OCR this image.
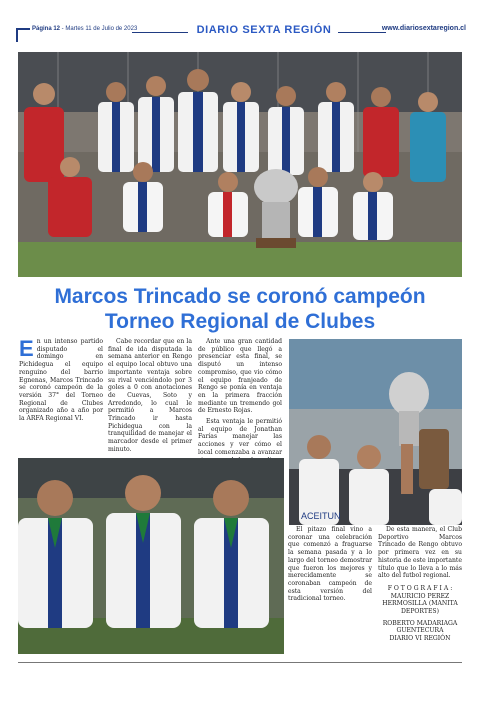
Página 12 - Martes 11 de Julio de 2023	DIARIO SEXTA REGIÓN	www.diariosextaregion.cl
Marcos Trincado se coronó campeón
Torneo Regional de Clubes

En un intenso partido disputado el domingo en Pichidegua el equipo renguino del barrio Egnenas, Marcos Trincado se coronó campeón de la versión 37° del Torneo Regional de Clubes organizado año a año por la ARFA Regional VI.

Cabe recordar que en la final de ida disputada la semana anterior en Rengo el equipo local obtuvo una importante ventaja sobre su rival venciéndolo por 3 goles a 0 con anotaciones de Cuevas, Soto y Arredondo, lo cual le permitió a Marcos Trincado ir hasta Pichidegua con la tranquilidad de manejar el marcador desde el primer minuto.

Ante una gran cantidad de público que llegó a presenciar esta final, se disputó un intenso compromiso, que vio cómo el equipo franjeado de Rengo se ponía en ventaja en la primera fracción mediante un tremendo gol de Ernesto Rojas.

Esta ventaja le permitió al equipo de Jonathan Farías manejar las acciones y ver cómo el local comenzaba a avanzar

ACEITUN

El pitazo final vino a coronar una celebración que comenzó a fraguarse la semana pasada y a lo largo del torneo demostrar que fueron los mejores y merecidamente se coronaban campeón de esta versión del tradicional torneo.

De esta manera, el Club Deportivo Marcos Trincado de Rengo obtuvo por primera vez en su historia de este importante título que lo lleva a lo más alto del futbol regional.

F O T O G R A F I A :
MAURICIO PEREZ HERMOSILLA (MANITA DEPORTES)
ROBERTO MADARIAGA GUENTECURA
DIARIO VI REGIÓN
